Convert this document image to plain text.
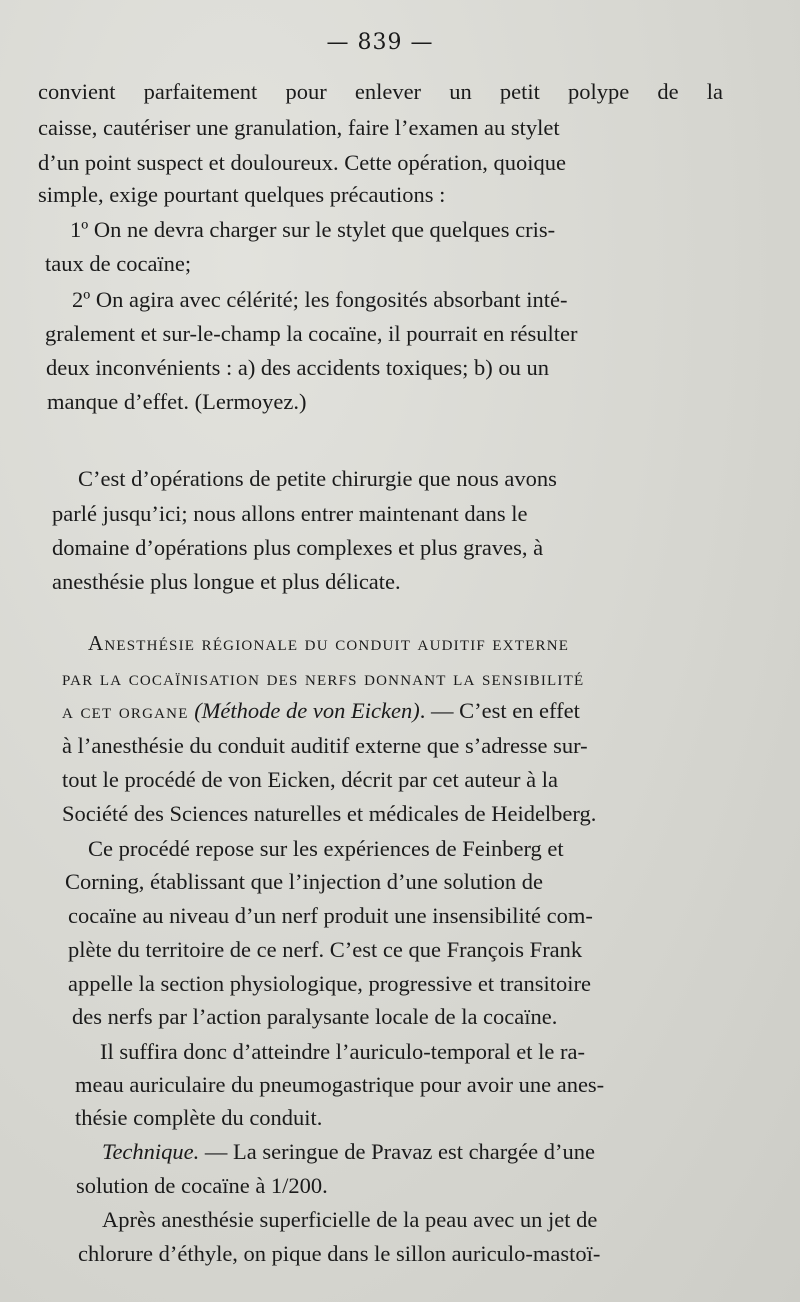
— 839 —
convient parfaitement pour enlever un petit polype de la
caisse, cautériser une granulation, faire l’examen au stylet
d’un point suspect et douloureux. Cette opération, quoique
simple, exige pourtant quelques précautions :
1º On ne devra charger sur le stylet que quelques cris-
taux de cocaïne;
2º On agira avec célérité; les fongosités absorbant inté-
gralement et sur-le-champ la cocaïne, il pourrait en résulter
deux inconvénients : a) des accidents toxiques; b) ou un
manque d’effet. (Lermoyez.)
C’est d’opérations de petite chirurgie que nous avons
parlé jusqu’ici; nous allons entrer maintenant dans le
domaine d’opérations plus complexes et plus graves, à
anesthésie plus longue et plus délicate.
Anesthésie régionale du conduit auditif externe
par la cocaïnisation des nerfs donnant la sensibilité
a cet organe (Méthode de von Eicken). — C’est en effet
à l’anesthésie du conduit auditif externe que s’adresse sur-
tout le procédé de von Eicken, décrit par cet auteur à la
Société des Sciences naturelles et médicales de Heidelberg.
Ce procédé repose sur les expériences de Feinberg et
Corning, établissant que l’injection d’une solution de
cocaïne au niveau d’un nerf produit une insensibilité com-
plète du territoire de ce nerf. C’est ce que François Frank
appelle la section physiologique, progressive et transitoire
des nerfs par l’action paralysante locale de la cocaïne.
Il suffira donc d’atteindre l’auriculo-temporal et le ra-
meau auriculaire du pneumogastrique pour avoir une anes-
thésie complète du conduit.
Technique. — La seringue de Pravaz est chargée d’une
solution de cocaïne à 1/200.
Après anesthésie superficielle de la peau avec un jet de
chlorure d’éthyle, on pique dans le sillon auriculo-mastoï-
